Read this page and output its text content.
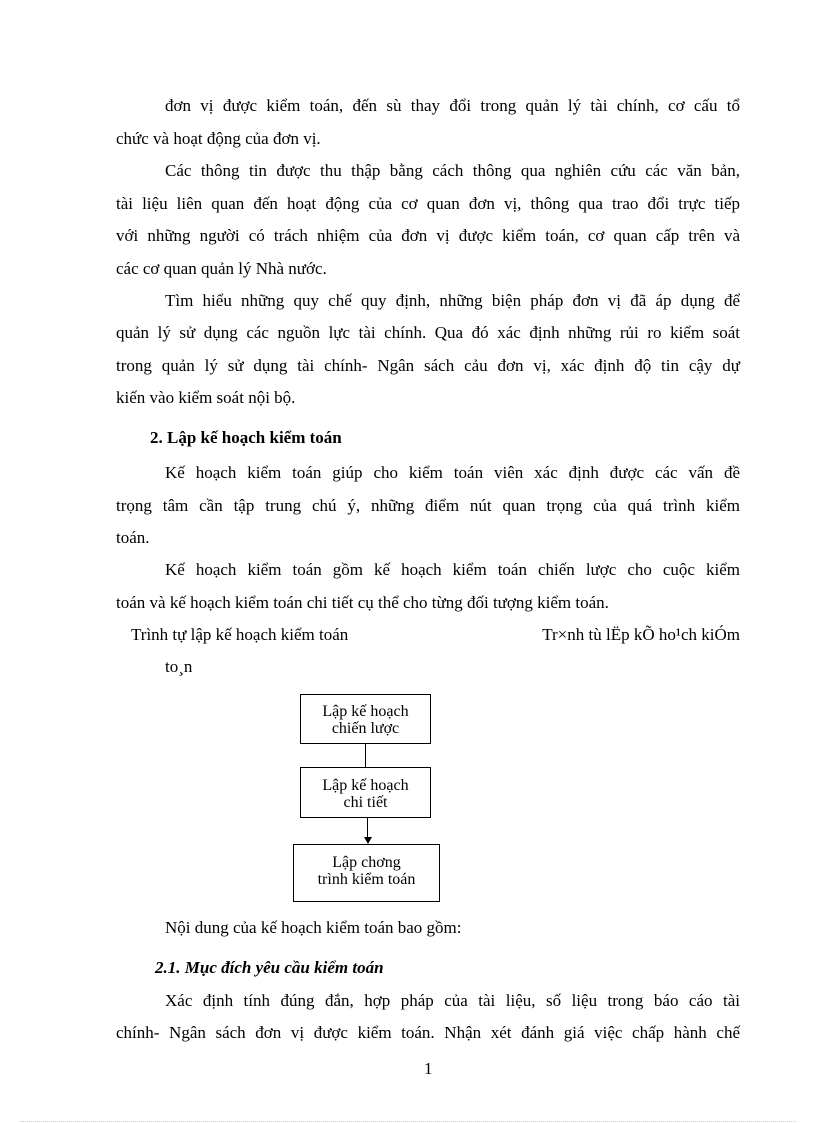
đơn vị được kiểm toán, đến sù thay đổi trong quản lý tài chính, cơ cấu tổ
chức và hoạt động của đơn vị.
Các thông tin được thu thập bằng cách thông qua nghiên cứu các văn bản,
tài liệu liên quan đến hoạt động của cơ quan đơn vị, thông qua trao đổi trực tiếp
với những người có trách nhiệm của đơn vị được kiểm toán, cơ quan cấp trên và
các cơ quan quản lý Nhà nước.
Tìm hiểu những quy chế quy định, những biện pháp đơn vị đã áp dụng để
quản lý sử dụng các nguồn lực tài chính. Qua đó xác định những rủi ro kiểm soát
trong quản lý sử dụng tài chính- Ngân sách cảu đơn vị, xác định độ tin cậy dự
kiến vào kiểm soát nội bộ.
2. Lập kế hoạch kiểm toán
Kế hoạch kiểm toán giúp cho kiểm toán viên xác định được các vấn đề
trọng tâm cần tập trung chú ý, những điểm nút quan trọng của quá trình kiểm
toán.
Kế hoạch kiểm toán gồm kế hoạch kiểm toán chiến lược cho cuộc kiểm
toán và kế hoạch kiểm toán chi tiết cụ thể cho từng đối tượng kiểm toán.
Trình tự lập kế hoạch kiểm toán	Tr×nh tù lËp kÕ ho¹ch kiÓm
to¸n
Lập kế hoạch
chiến lược
Lập kế hoạch
chi tiết
Lập chơng
trình kiểm toán
Nội dung của kế hoạch kiểm toán bao gồm:
2.1. Mục đích yêu cầu kiểm toán
Xác định tính đúng đắn, hợp pháp của tài liệu, số liệu trong báo cáo tài
chính- Ngân sách đơn vị được kiểm toán. Nhận xét đánh giá việc chấp hành chế
1
